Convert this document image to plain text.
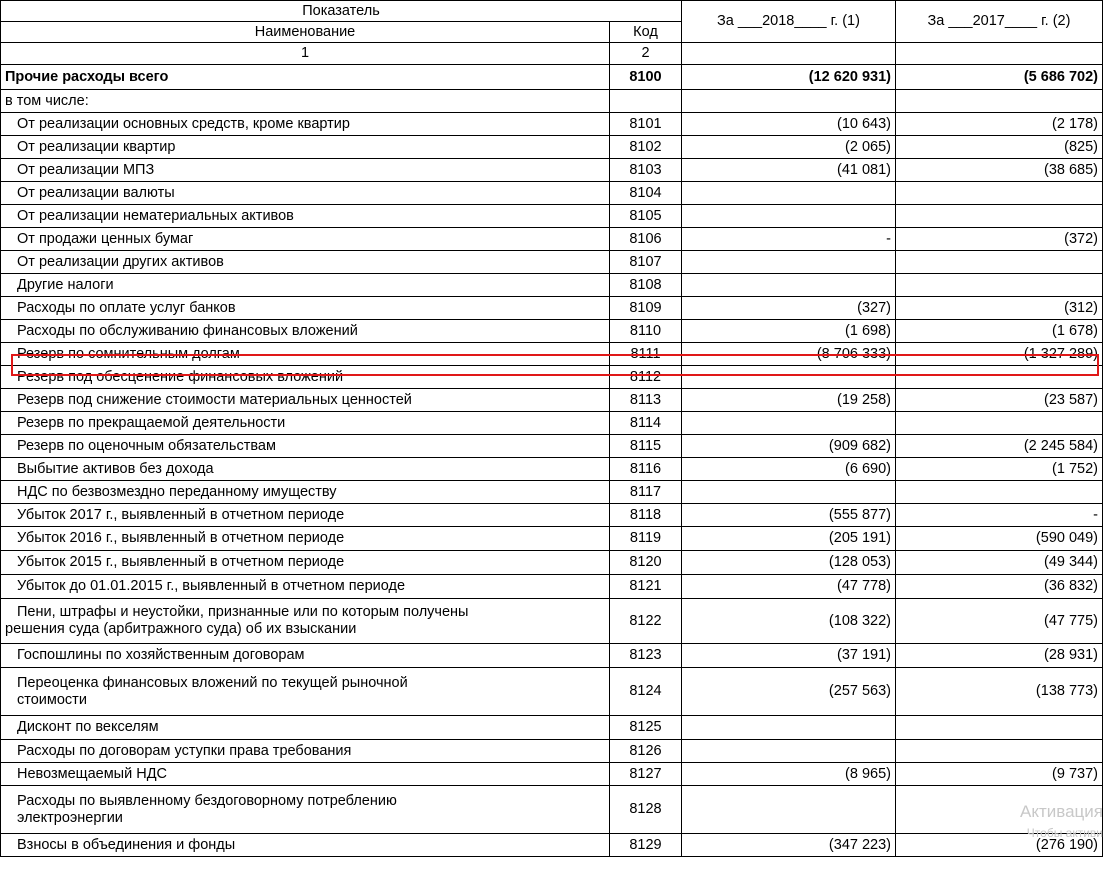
Показатель		За ___2018____ г. (1)	За ___2017____ г. (2)
Наименование	Код		
1	2		
Прочие расходы всего	8100	(12 620 931)	(5 686 702)
в том числе:			
От реализации основных средств, кроме квартир	8101	(10 643)	(2 178)
От реализации квартир	8102	(2 065)	(825)
От реализации МПЗ	8103	(41 081)	(38 685)
От реализации валюты	8104		
От реализации нематериальных активов	8105		
От продажи ценных бумаг	8106	-	(372)
От реализации других активов	8107		
Другие налоги	8108		
Расходы по оплате услуг банков	8109	(327)	(312)
Расходы по обслуживанию финансовых вложений	8110	(1 698)	(1 678)
Резерв по сомнительным долгам	8111	(8 706 333)	(1 327 289)
Резерв под обесценение финансовых вложений	8112		
Резерв под снижение стоимости материальных ценностей	8113	(19 258)	(23 587)
Резерв по прекращаемой деятельности	8114		
Резерв по оценочным обязательствам	8115	(909 682)	(2 245 584)
Выбытие активов без дохода	8116	(6 690)	(1 752)
НДС по безвозмездно переданному имуществу	8117		
Убыток 2017 г., выявленный в отчетном периоде	8118	(555 877)	-
Убыток 2016 г., выявленный в отчетном периоде	8119	(205 191)	(590 049)
Убыток 2015 г., выявленный в отчетном периоде	8120	(128 053)	(49 344)
Убыток до 01.01.2015 г., выявленный в отчетном периоде	8121	(47 778)	(36 832)

Пени, штрафы и неустойки, признанные или по которым получены
решения суда (арбитражного суда) об их взыскании	8122	(108 322)	(47 775)
Госпошлины по хозяйственным договорам	8123	(37 191)	(28 931)

Переоценка финансовых вложений по текущей рыночной
стоимости	8124	(257 563)	(138 773)
Дисконт по векселям	8125		
Расходы по договорам уступки права требования	8126		
Невозмещаемый НДС	8127	(8 965)	(9 737)

Расходы по выявленному бездоговорному потреблению
электроэнергии	8128		
Взносы в объединения и фонды	8129	(347 223)	(276 190)
Активация
Чтобы активи
